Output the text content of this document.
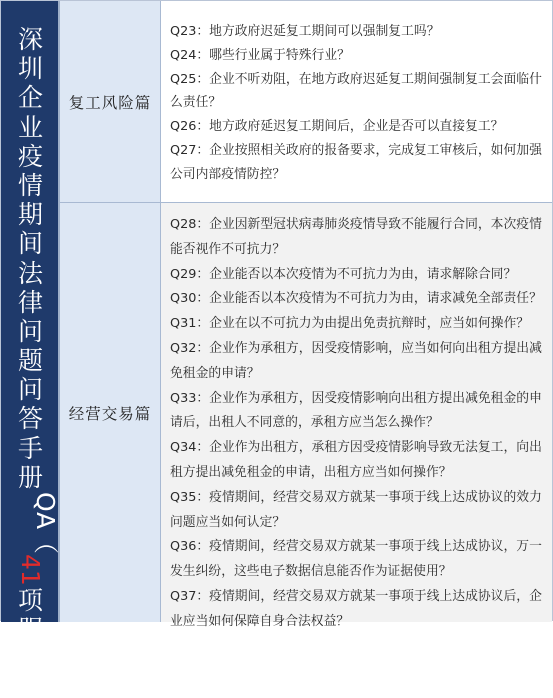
深
圳
企
业
疫
情
期
间
法
律
问
题
问
答
手
册
Q
A
（
41
项
服
务
）
复工风险篇
Q23：地方政府迟延复工期间可以强制复工吗？
Q24：哪些行业属于特殊行业？
Q25：企业不听劝阻，在地方政府迟延复工期间强制复工会面临什么责任？
Q26：地方政府延迟复工期间后，企业是否可以直接复工？
Q27：企业按照相关政府的报备要求，完成复工审核后，如何加强公司内部疫情防控？
经营交易篇
Q28：企业因新型冠状病毒肺炎疫情导致不能履行合同，本次疫情能否视作不可抗力？
Q29：企业能否以本次疫情为不可抗力为由，请求解除合同？
Q30：企业能否以本次疫情为不可抗力为由，请求减免全部责任？
Q31：企业在以不可抗力为由提出免责抗辩时，应当如何操作？
Q32：企业作为承租方，因受疫情影响，应当如何向出租方提出减免租金的申请？
Q33：企业作为承租方，因受疫情影响向出租方提出减免租金的申请后，出租人不同意的，承租方应当怎么操作？
Q34：企业作为出租方，承租方因受疫情影响导致无法复工，向出租方提出减免租金的申请，出租方应当如何操作？
Q35：疫情期间，经营交易双方就某一事项于线上达成协议的效力问题应当如何认定？
Q36：疫情期间，经营交易双方就某一事项于线上达成协议，万一发生纠纷，这些电子数据信息能否作为证据使用？
Q37：疫情期间，经营交易双方就某一事项于线上达成协议后，企业应当如何保障自身合法权益？
